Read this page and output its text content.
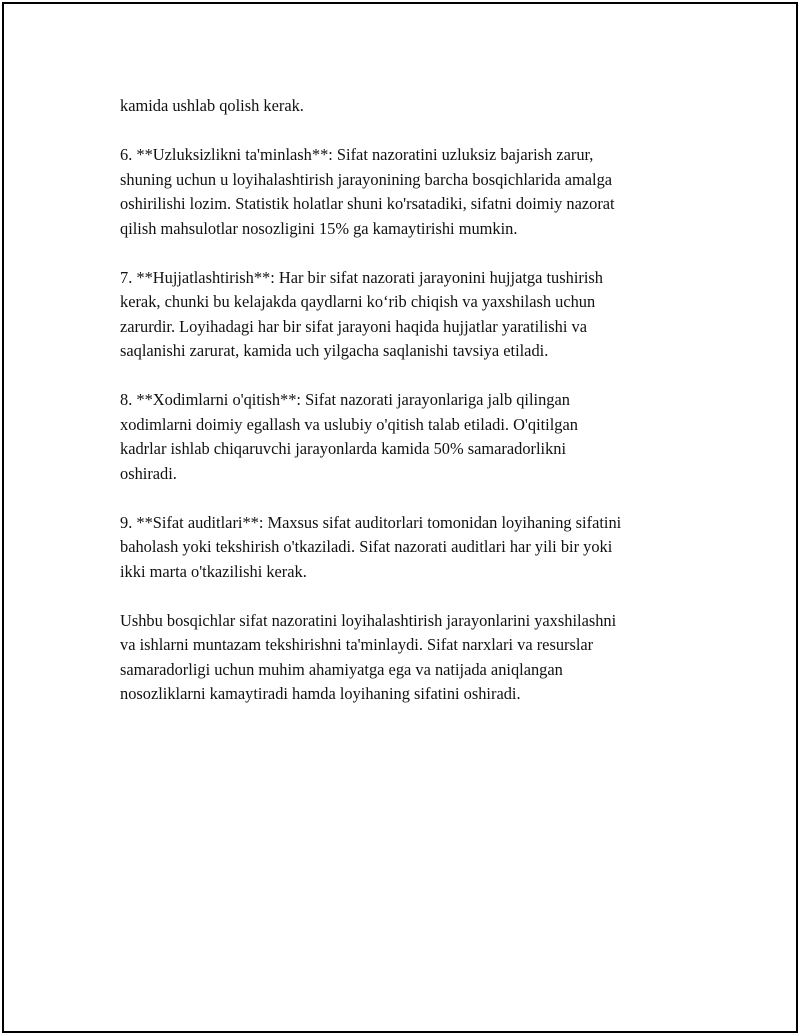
kamida ushlab qolish kerak.

6. **Uzluksizlikni ta'minlash**: Sifat nazoratini uzluksiz bajarish zarur,
shuning uchun u loyihalashtirish jarayonining barcha bosqichlarida amalga
oshirilishi lozim. Statistik holatlar shuni ko'rsatadiki, sifatni doimiy nazorat
qilish mahsulotlar nosozligini 15% ga kamaytirishi mumkin.

7. **Hujjatlashtirish**: Har bir sifat nazorati jarayonini hujjatga tushirish
kerak, chunki bu kelajakda qaydlarni ko‘rib chiqish va yaxshilash uchun
zarurdir. Loyihadagi har bir sifat jarayoni haqida hujjatlar yaratilishi va
saqlanishi zarurat, kamida uch yilgacha saqlanishi tavsiya etiladi.

8. **Xodimlarni o'qitish**: Sifat nazorati jarayonlariga jalb qilingan
xodimlarni doimiy egallash va uslubiy o'qitish talab etiladi. O'qitilgan
kadrlar ishlab chiqaruvchi jarayonlarda kamida 50% samaradorlikni
oshiradi.

9. **Sifat auditlari**: Maxsus sifat auditorlari tomonidan loyihaning sifatini
baholash yoki tekshirish o'tkaziladi. Sifat nazorati auditlari har yili bir yoki
ikki marta o'tkazilishi kerak.

Ushbu bosqichlar sifat nazoratini loyihalashtirish jarayonlarini yaxshilashni
va ishlarni muntazam tekshirishni ta'minlaydi. Sifat narxlari va resurslar
samaradorligi uchun muhim ahamiyatga ega va natijada aniqlangan
nosozliklarni kamaytiradi hamda loyihaning sifatini oshiradi.
